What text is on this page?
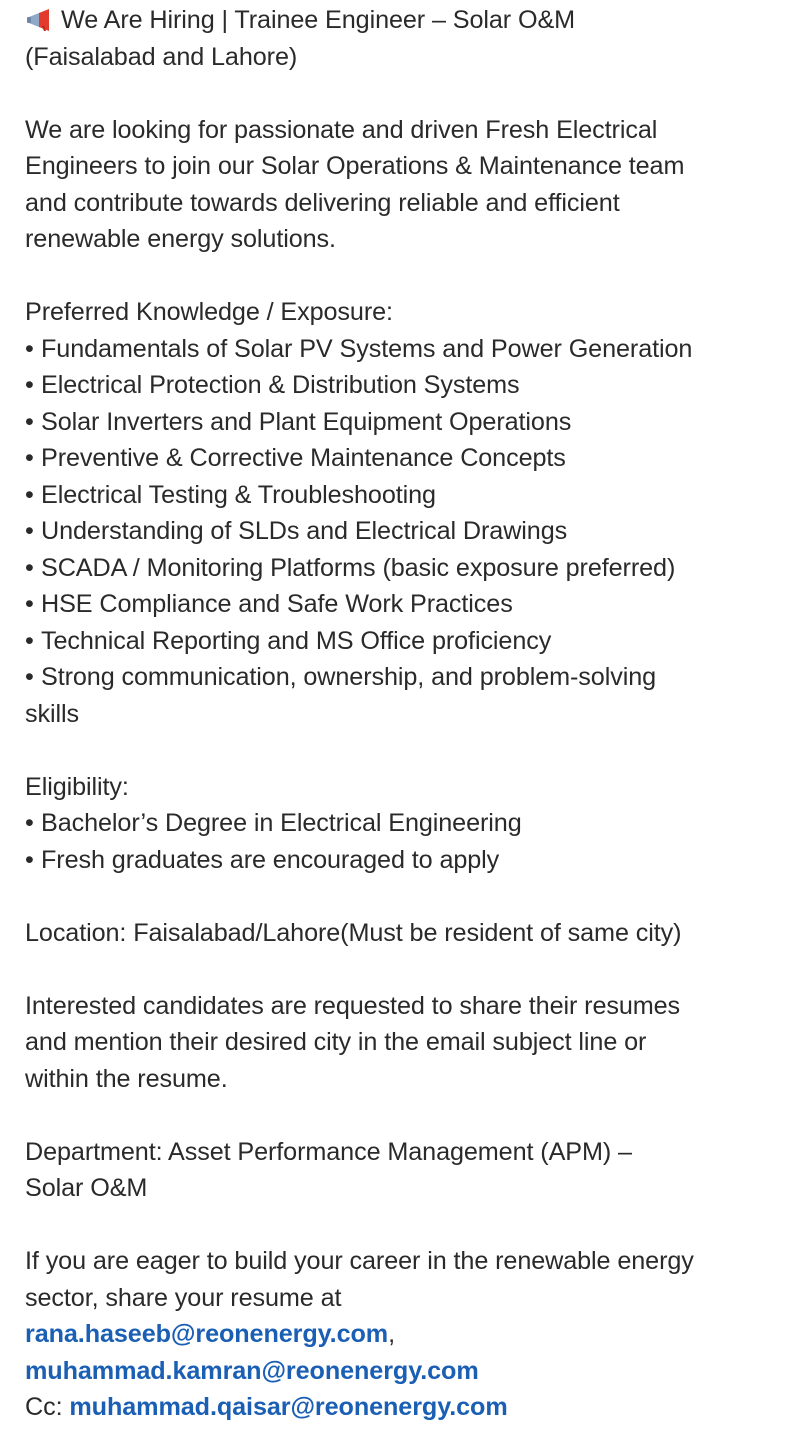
We Are Hiring | Trainee Engineer – Solar O&M
(Faisalabad and Lahore)
We are looking for passionate and driven Fresh Electrical
Engineers to join our Solar Operations & Maintenance team
and contribute towards delivering reliable and efficient
renewable energy solutions.
Preferred Knowledge / Exposure:
• Fundamentals of Solar PV Systems and Power Generation
• Electrical Protection & Distribution Systems
• Solar Inverters and Plant Equipment Operations
• Preventive & Corrective Maintenance Concepts
• Electrical Testing & Troubleshooting
• Understanding of SLDs and Electrical Drawings
• SCADA / Monitoring Platforms (basic exposure preferred)
• HSE Compliance and Safe Work Practices
• Technical Reporting and MS Office proficiency
• Strong communication, ownership, and problem-solving
skills
Eligibility:
• Bachelor’s Degree in Electrical Engineering
• Fresh graduates are encouraged to apply
Location: Faisalabad/Lahore(Must be resident of same city)
Interested candidates are requested to share their resumes
and mention their desired city in the email subject line or
within the resume.
Department: Asset Performance Management (APM) –
Solar O&M
If you are eager to build your career in the renewable energy
sector, share your resume at
rana.haseeb@reonenergy.com,
muhammad.kamran@reonenergy.com
Cc: muhammad.qaisar@reonenergy.com
